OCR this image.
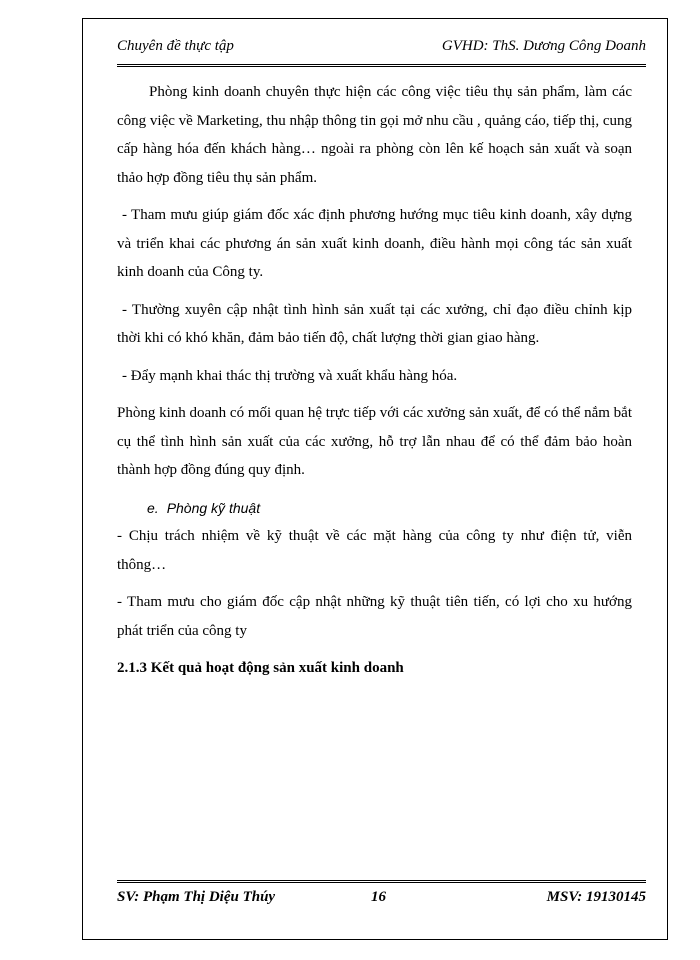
Chuyên đề thực tập	GVHD: ThS. Dương Công Doanh

Phòng kinh doanh chuyên thực hiện các công việc tiêu thụ sản phẩm, làm các công việc về Marketing, thu nhập thông tin gọi mở nhu cầu , quảng cáo, tiếp thị, cung cấp hàng hóa đến khách hàng… ngoài ra phòng còn lên kế hoạch sản xuất và soạn thảo hợp đồng tiêu thụ sản phẩm.

- Tham mưu giúp giám đốc xác định phương hướng mục tiêu kinh doanh, xây dựng và triển khai các phương án sản xuất kinh doanh, điều hành mọi công tác sản xuất kinh doanh của Công ty.

- Thường xuyên cập nhật tình hình sản xuất tại các xưởng, chỉ đạo điều chỉnh kịp thời khi có khó khăn, đảm bảo tiến độ, chất lượng thời gian giao hàng.

- Đẩy mạnh khai thác thị trường và xuất khẩu hàng hóa.

Phòng kinh doanh có mối quan hệ trực tiếp với các xưởng sản xuất, để có thể nắm bắt cụ thể tình hình sản xuất của các xưởng, hỗ trợ lẫn nhau để có thể đảm bảo hoàn thành hợp đồng đúng quy định.

e. Phòng kỹ thuật

- Chịu trách nhiệm về kỹ thuật về các mặt hàng của công ty như điện tử, viễn thông…

- Tham mưu cho giám đốc cập nhật những kỹ thuật tiên tiến, có lợi cho xu hướng phát triển của công ty

2.1.3 Kết quả hoạt động sản xuất kinh doanh

SV: Phạm Thị Diệu Thúy	16	MSV: 19130145
